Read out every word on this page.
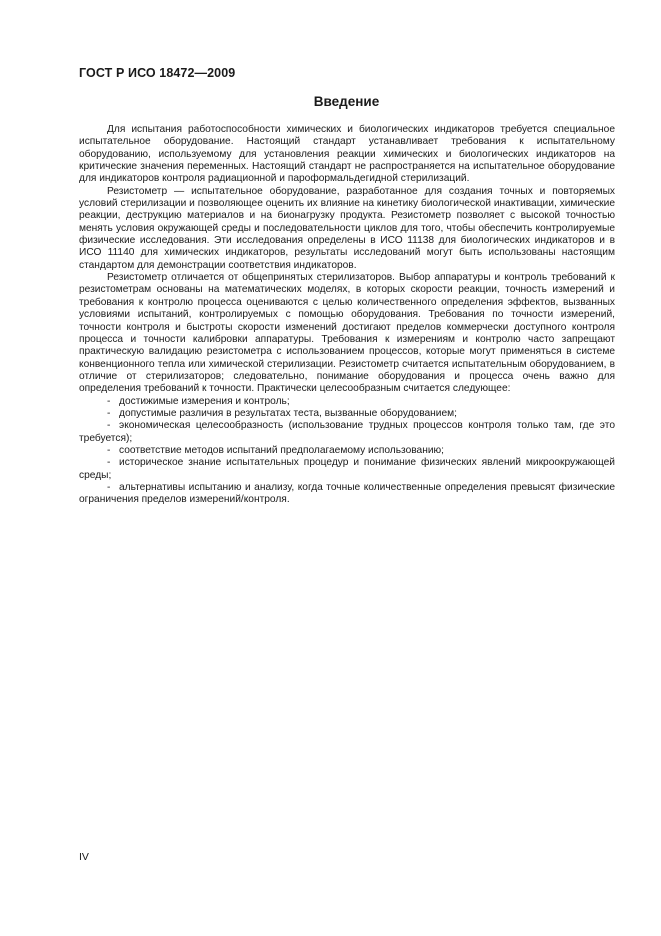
ГОСТ Р ИСО 18472—2009
Введение

Для испытания работоспособности химических и биологических индикаторов требуется специальное испытательное оборудование. Настоящий стандарт устанавливает требования к испытательному оборудованию, используемому для установления реакции химических и биологических индикаторов на критические значения переменных. Настоящий стандарт не распространяется на испытательное оборудование для индикаторов контроля радиационной и пароформальдегидной стерилизаций.

Резистометр — испытательное оборудование, разработанное для создания точных и повторяемых условий стерилизации и позволяющее оценить их влияние на кинетику биологической инактивации, химические реакции, деструкцию материалов и на бионагрузку продукта. Резистометр позволяет с высокой точностью менять условия окружающей среды и последовательности циклов для того, чтобы обеспечить контролируемые физические исследования. Эти исследования определены в ИСО 11138 для биологических индикаторов и в ИСО 11140 для химических индикаторов, результаты исследований могут быть использованы настоящим стандартом для демонстрации соответствия индикаторов.

Резистометр отличается от общепринятых стерилизаторов. Выбор аппаратуры и контроль требований к резистометрам основаны на математических моделях, в которых скорости реакции, точность измерений и требования к контролю процесса оцениваются с целью количественного определения эффектов, вызванных условиями испытаний, контролируемых с помощью оборудования. Требования по точности измерений, точности контроля и быстроты скорости изменений достигают пределов коммерчески доступного контроля процесса и точности калибровки аппаратуры. Требования к измерениям и контролю часто запрещают практическую валидацию резистометра с использованием процессов, которые могут применяться в системе конвенционного тепла или химической стерилизации. Резистометр считается испытательным оборудованием, в отличие от стерилизаторов; следовательно, понимание оборудования и процесса очень важно для определения требований к точности. Практически целесообразным считается следующее:

- достижимые измерения и контроль;
- допустимые различия в результатах теста, вызванные оборудованием;
- экономическая целесообразность (использование трудных процессов контроля только там, где это требуется);
- соответствие методов испытаний предполагаемому использованию;
- историческое знание испытательных процедур и понимание физических явлений микроокружающей среды;
- альтернативы испытанию и анализу, когда точные количественные определения превысят физические ограничения пределов измерений/контроля.
IV
